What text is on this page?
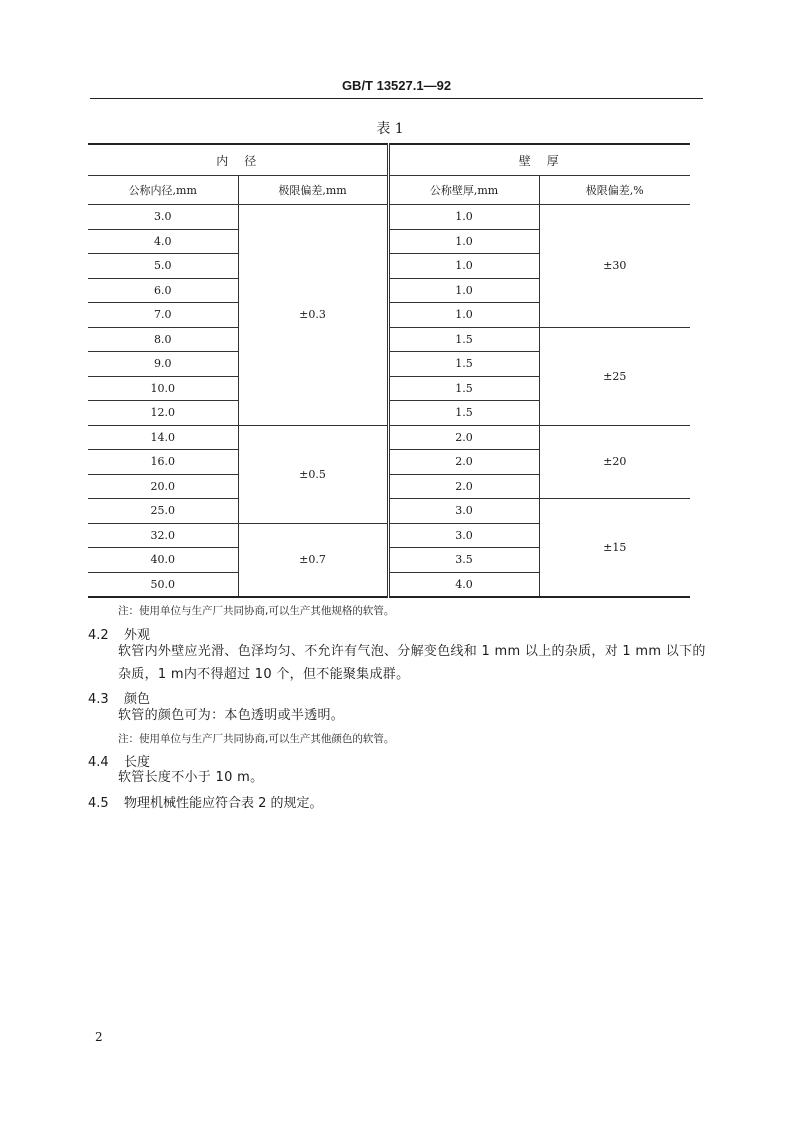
GB/T 13527.1—92
表 1
内　径		壁　厚	
公称内径,mm	极限偏差,mm	公称壁厚,mm	极限偏差,%
3.0	±0.3	1.0	±30
4.0		1.0	
5.0		1.0	
6.0		1.0	
7.0		1.0	
8.0		1.5	±25
9.0		1.5	
10.0		1.5	
12.0		1.5	
14.0	±0.5	2.0	±20
16.0		2.0	
20.0		2.0	
25.0		3.0	±15
32.0	±0.7	3.0	
40.0		3.5	
50.0		4.0	
注：使用单位与生产厂共同协商,可以生产其他规格的软管。
4.2 外观
软管内外壁应光滑、色泽均匀、不允许有气泡、分解变色线和 1 mm 以上的杂质，对 1 mm 以下的杂质，1 m内不得超过 10 个，但不能聚集成群。
4.3 颜色
软管的颜色可为：本色透明或半透明。
注：使用单位与生产厂共同协商,可以生产其他颜色的软管。
4.4 长度
软管长度不小于 10 m。
4.5 物理机械性能应符合表 2 的规定。
2
